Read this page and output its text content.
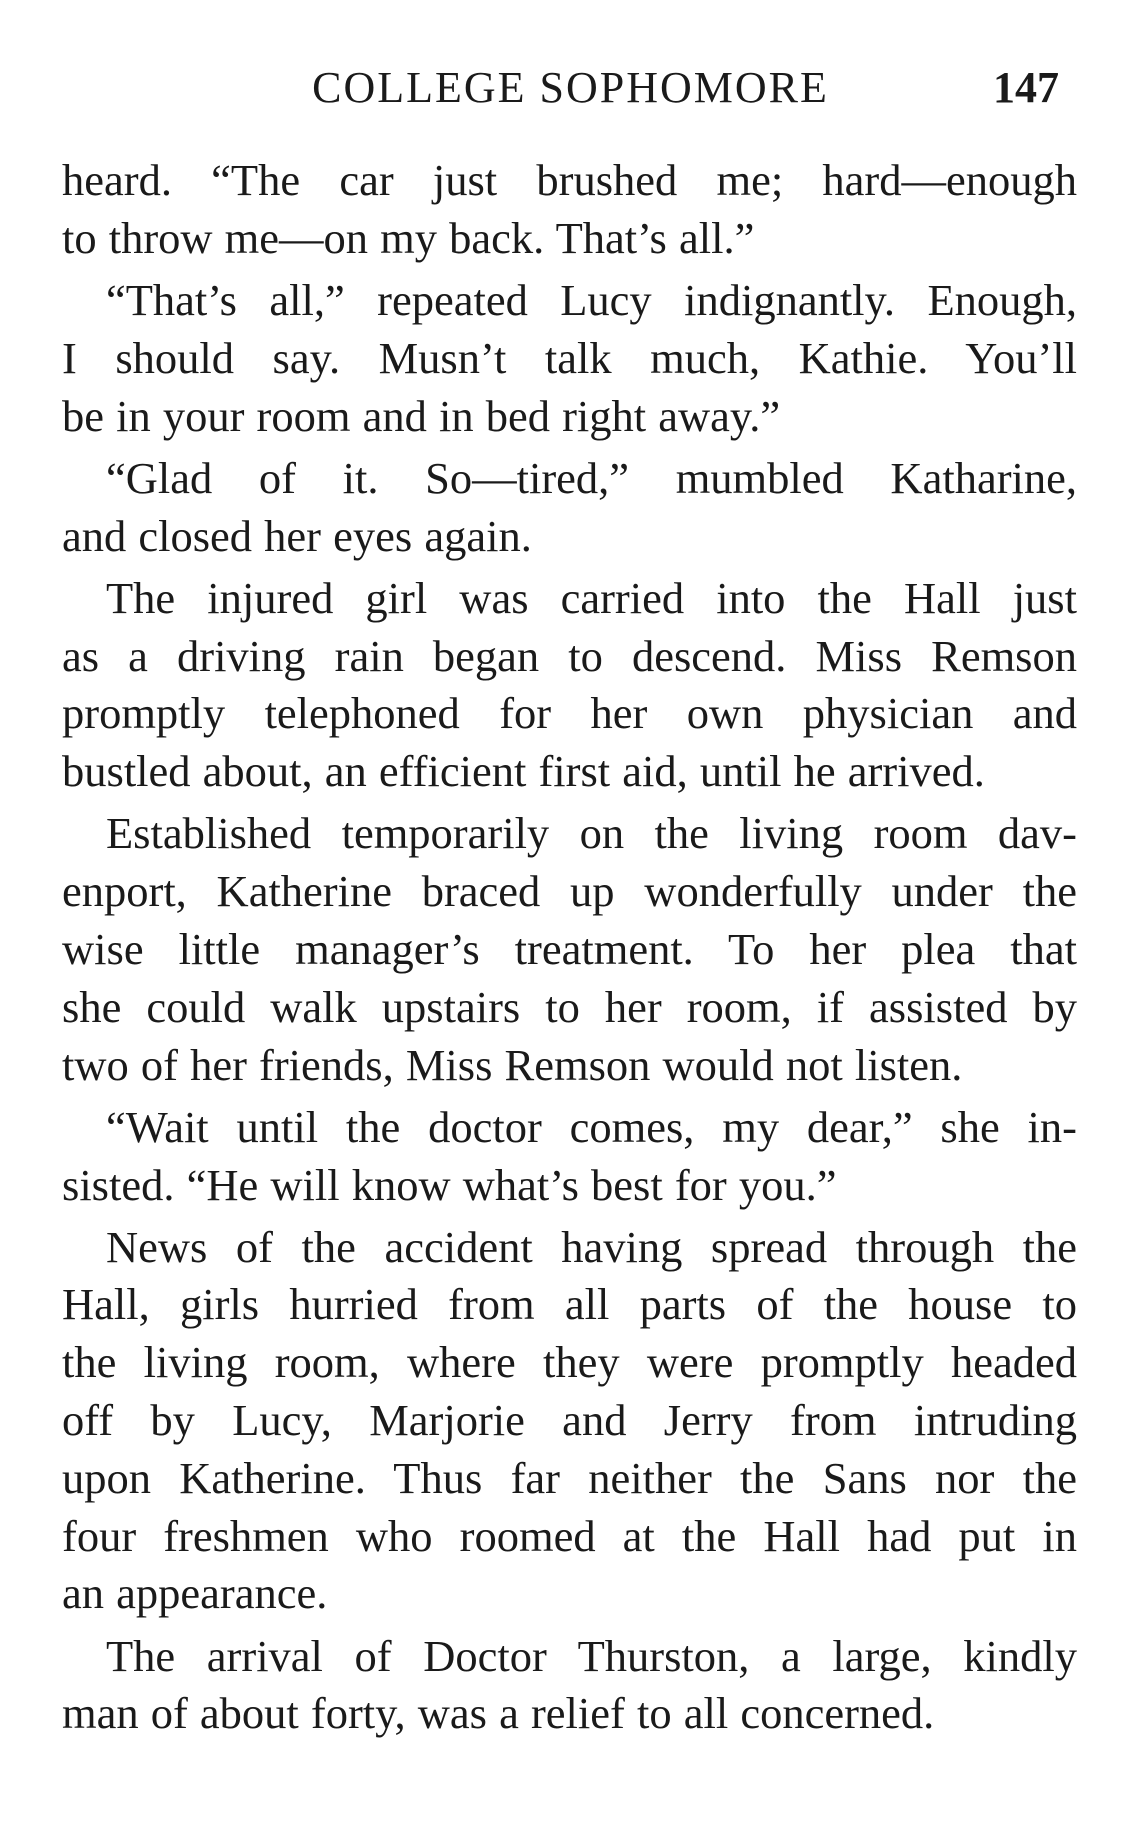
COLLEGE SOPHOMORE	147
heard. “The car just brushed me; hard—enough
to throw me—on my back. That’s all.”
“That’s all,” repeated Lucy indignantly. Enough,
I should say. Musn’t talk much, Kathie. You’ll
be in your room and in bed right away.”
“Glad of it. So—tired,” mumbled Katharine,
and closed her eyes again.
The injured girl was carried into the Hall just
as a driving rain began to descend. Miss Remson
promptly telephoned for her own physician and
bustled about, an efficient first aid, until he arrived.
Established temporarily on the living room dav-
enport, Katherine braced up wonderfully under the
wise little manager’s treatment. To her plea that
she could walk upstairs to her room, if assisted by
two of her friends, Miss Remson would not listen.
“Wait until the doctor comes, my dear,” she in-
sisted. “He will know what’s best for you.”
News of the accident having spread through the
Hall, girls hurried from all parts of the house to
the living room, where they were promptly headed
off by Lucy, Marjorie and Jerry from intruding
upon Katherine. Thus far neither the Sans nor the
four freshmen who roomed at the Hall had put in
an appearance.
The arrival of Doctor Thurston, a large, kindly
man of about forty, was a relief to all concerned.
